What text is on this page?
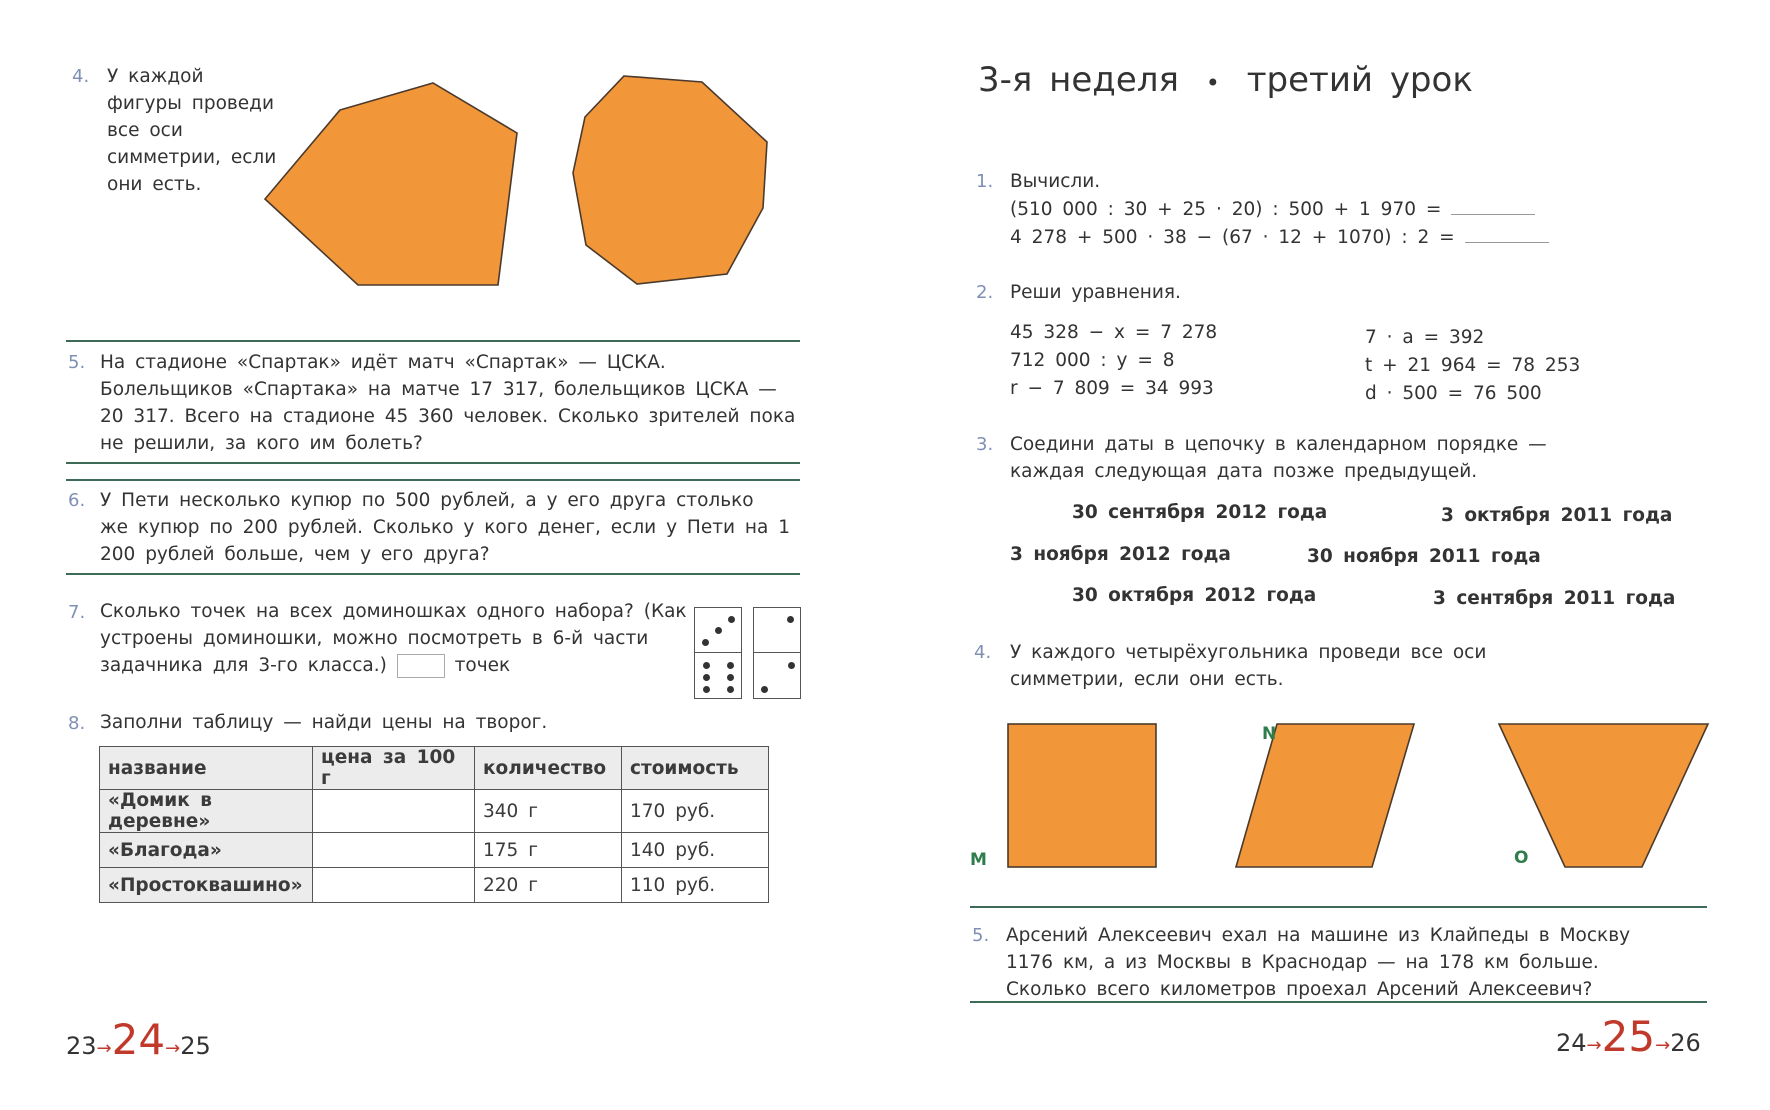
4. У каждой фигуры проведи все оси симметрии, если они есть.
5. На стадионе «Спартак» идёт матч «Спартак» — ЦСКА. Болельщиков «Спартака» на матче 17 317, болельщиков ЦСКА — 20 317. Всего на стадионе 45 360 человек. Сколько зрителей пока не решили, за кого им болеть?
6. У Пети несколько купюр по 500 рублей, а у его друга столько же купюр по 200 рублей. Сколько у кого денег, если у Пети на 1 200 рублей больше, чем у его друга?
7. Сколько точек на всех доминошках одного набора? (Как устроены доминошки, можно посмотреть в 6-й части задачника для 3-го класса.)	точек
8. Заполни таблицу — найди цены на творог.
название	цена за 100 г	количество	стоимость
«Домик в деревне»		340 г	170 руб.
«Благода»		175 г	140 руб.
«Простоквашино»		220 г	110 руб.
23→24→25
3-я неделя • третий урок
1. Вычисли.
(510 000 : 30 + 25 · 20) : 500 + 1 970 =
4 278 + 500 · 38 − (67 · 12 + 1070) : 2 =
2. Реши уравнения.
45 328 − x = 7 278
712 000 : y = 8
r − 7 809 = 34 993
7 · a = 392
t + 21 964 = 78 253
d · 500 = 76 500
3. Соедини даты в цепочку в календарном порядке — каждая следующая дата позже предыдущей.
30 сентября 2012 года	3 октября 2011 года
3 ноября 2012 года	30 ноября 2011 года
30 октября 2012 года	3 сентября 2011 года
4. У каждого четырёхугольника проведи все оси симметрии, если они есть.
M
N
O
5. Арсений Алексеевич ехал на машине из Клайпеды в Москву 1176 км, а из Москвы в Краснодар — на 178 км больше. Сколько всего километров проехал Арсений Алексеевич?
24→25→26
